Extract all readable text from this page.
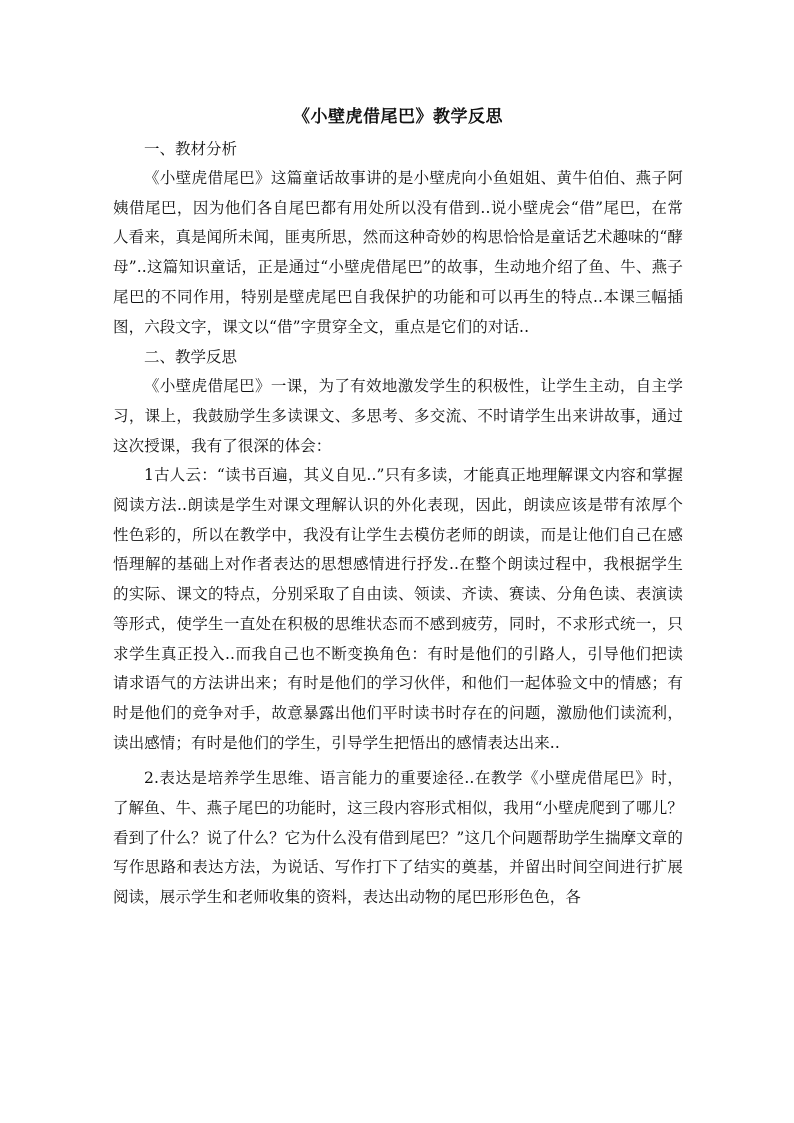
《小壁虎借尾巴》教学反思

一、教材分析

《小壁虎借尾巴》这篇童话故事讲的是小壁虎向小鱼姐姐、黄牛伯伯、燕子阿姨借尾巴，因为他们各自尾巴都有用处所以没有借到..说小壁虎会“借”尾巴，在常人看来，真是闻所未闻，匪夷所思，然而这种奇妙的构思恰恰是童话艺术趣味的“酵母”..这篇知识童话，正是通过“小壁虎借尾巴”的故事，生动地介绍了鱼、牛、燕子尾巴的不同作用，特别是壁虎尾巴自我保护的功能和可以再生的特点..本课三幅插图，六段文字，课文以“借”字贯穿全文，重点是它们的对话..

二、教学反思

《小壁虎借尾巴》一课，为了有效地激发学生的积极性，让学生主动，自主学习，课上，我鼓励学生多读课文、多思考、多交流、不时请学生出来讲故事，通过这次授课，我有了很深的体会：

1古人云：“读书百遍，其义自见..”只有多读，才能真正地理解课文内容和掌握阅读方法..朗读是学生对课文理解认识的外化表现，因此，朗读应该是带有浓厚个性色彩的，所以在教学中，我没有让学生去模仿老师的朗读，而是让他们自己在感悟理解的基础上对作者表达的思想感情进行抒发..在整个朗读过程中，我根据学生的实际、课文的特点，分别采取了自由读、领读、齐读、赛读、分角色读、表演读等形式，使学生一直处在积极的思维状态而不感到疲劳，同时，不求形式统一，只求学生真正投入..而我自己也不断变换角色：有时是他们的引路人，引导他们把读请求语气的方法讲出来；有时是他们的学习伙伴，和他们一起体验文中的情感；有时是他们的竞争对手，故意暴露出他们平时读书时存在的问题，激励他们读流利，读出感情；有时是他们的学生，引导学生把悟出的感情表达出来..

2.表达是培养学生思维、语言能力的重要途径..在教学《小壁虎借尾巴》时，了解鱼、牛、燕子尾巴的功能时，这三段内容形式相似，我用“小壁虎爬到了哪儿？看到了什么？说了什么？它为什么没有借到尾巴？”这几个问题帮助学生揣摩文章的写作思路和表达方法，为说话、写作打下了结实的奠基，并留出时间空间进行扩展阅读，展示学生和老师收集的资料，表达出动物的尾巴形形色色，各
